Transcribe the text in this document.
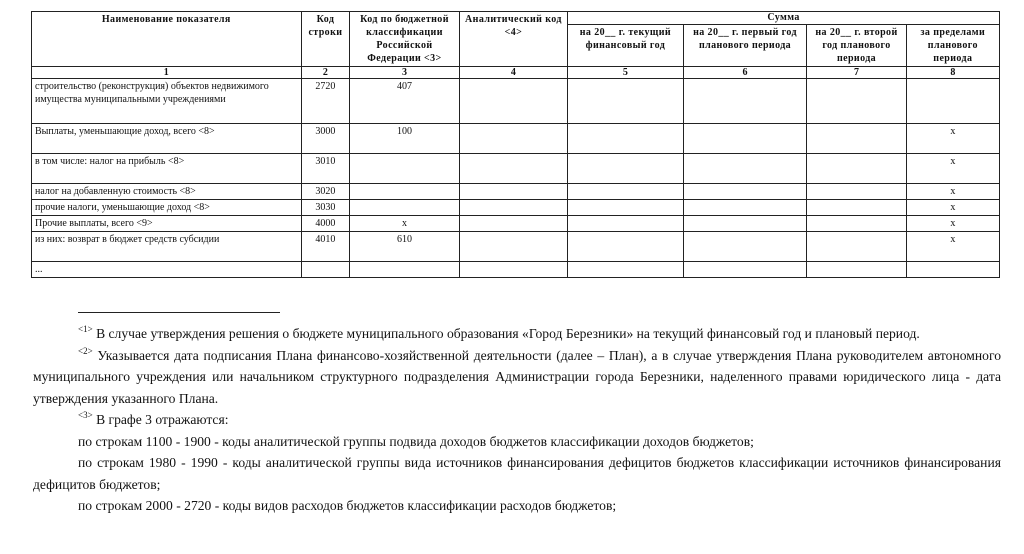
Наименование показателя	Код строки	Код по бюджетной классификации Российской Федерации <3>	Аналитический код <4>	Сумма			
				на 20__ г. текущий финансовый год	на 20__ г. первый год планового периода	на 20__ г. второй год планового периода	за пределами планового периода
1	2	3	4	5	6	7	8
строительство (реконструкция) объектов недвижимого имущества муниципальными учреждениями	2720	407					
Выплаты, уменьшающие доход, всего <8>	3000	100					x
в том числе: налог на прибыль <8>	3010						x
налог на добавленную стоимость <8>	3020						x
прочие налоги, уменьшающие доход <8>	3030						x
Прочие выплаты, всего <9>	4000	x					x
из них: возврат в бюджет средств субсидии	4010	610					x
...							

$^{<1>}$ В случае утверждения решения о бюджете муниципального образования «Город Березники» на текущий финансовый год и плановый период.

$^{<2>}$ Указывается дата подписания Плана финансово-хозяйственной деятельности (далее – План), а в случае утверждения Плана руководителем автономного муниципального учреждения или начальником структурного подразделения Администрации города Березники, наделенного правами юридического лица - дата утверждения указанного Плана.

$^{<3>}$ В графе 3 отражаются:

по строкам 1100 - 1900 - коды аналитической группы подвида доходов бюджетов классификации доходов бюджетов;

по строкам 1980 - 1990 - коды аналитической группы вида источников финансирования дефицитов бюджетов классификации источников финансирования дефицитов бюджетов;

по строкам 2000 - 2720 - коды видов расходов бюджетов классификации расходов бюджетов;
